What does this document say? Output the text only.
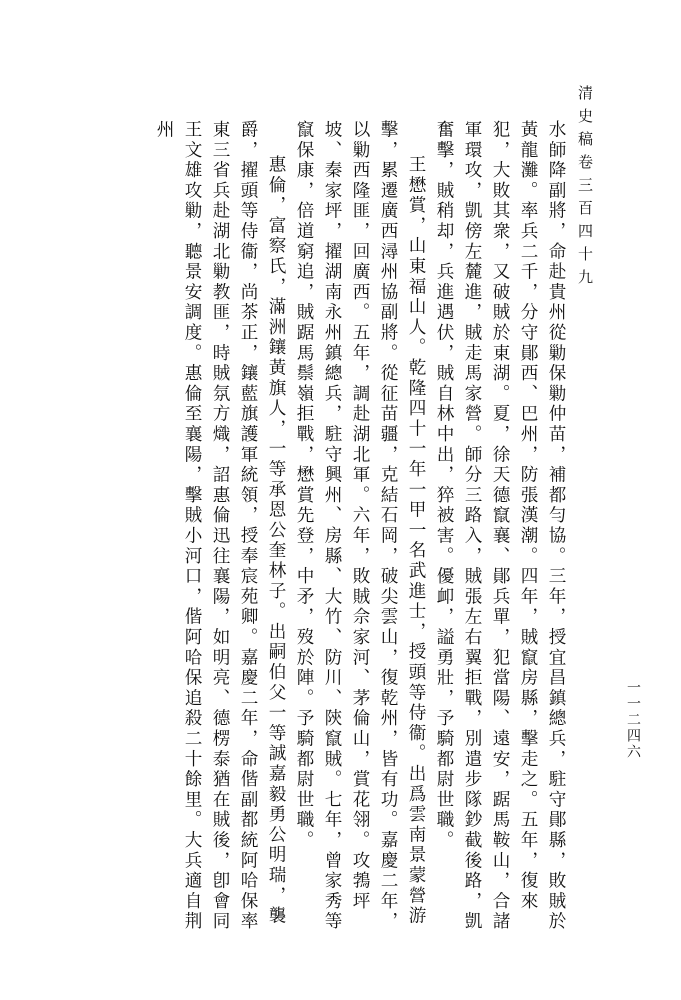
清史稿卷三百四十九
一一二四六

水師降副將，命赴貴州從勦保勦仲苗，補都勻協。三年，授宜昌鎮總兵，駐守鄖縣，敗賊於黃龍灘。率兵二千，分守鄖西、巴州，防張漢潮。四年，賊竄房縣，擊走之。五年，復來犯，大敗其衆，又破賊於東湖。夏，徐天德竄襄、鄖兵單，犯當陽、遠安，踞馬鞍山，合諸軍環攻，凱傍左麓進，賊走馬家營。師分三路入，賊張左右翼拒戰，別遣步隊鈔截後路，凱奮擊，賊稍却，兵進遇伏，賊自林中出，猝被害。優卹，謚勇壯，予騎都尉世職。

王懋賞，山東福山人。乾隆四十一年一甲一名武進士，授頭等侍衞。出爲雲南景蒙營游擊，累遷廣西潯州協副將。從征苗疆，克結石岡，破尖雲山，復乾州，皆有功。嘉慶二年，以勦西隆匪，回廣西。五年，調赴湖北軍。六年，敗賊佘家河、茅倫山，賞花翎。攻鵓坪坡、秦家坪，擢湖南永州鎮總兵，駐守興州、房縣、大竹、防川、陝竄賊。七年，曾家秀等竄保康，倍道窮追，賊踞馬鬃嶺拒戰，懋賞先登，中矛，歿於陣。予騎都尉世職。

惠倫，富察氏，滿洲鑲黃旗人，一等承恩公奎林子。出嗣伯父一等誠嘉毅勇公明瑞，襲爵，擢頭等侍衞，尚茶正，鑲藍旗護軍統領，授奉宸苑卿。嘉慶二年，命偕副都統阿哈保率東三省兵赴湖北勦教匪，時賊氛方熾，詔惠倫迅往襄陽，如明亮、德楞泰猶在賊後，卽會同王文雄攻勦，聽景安調度。惠倫至襄陽，擊賊小河口，偕阿哈保追殺二十餘里。大兵適自荆州
